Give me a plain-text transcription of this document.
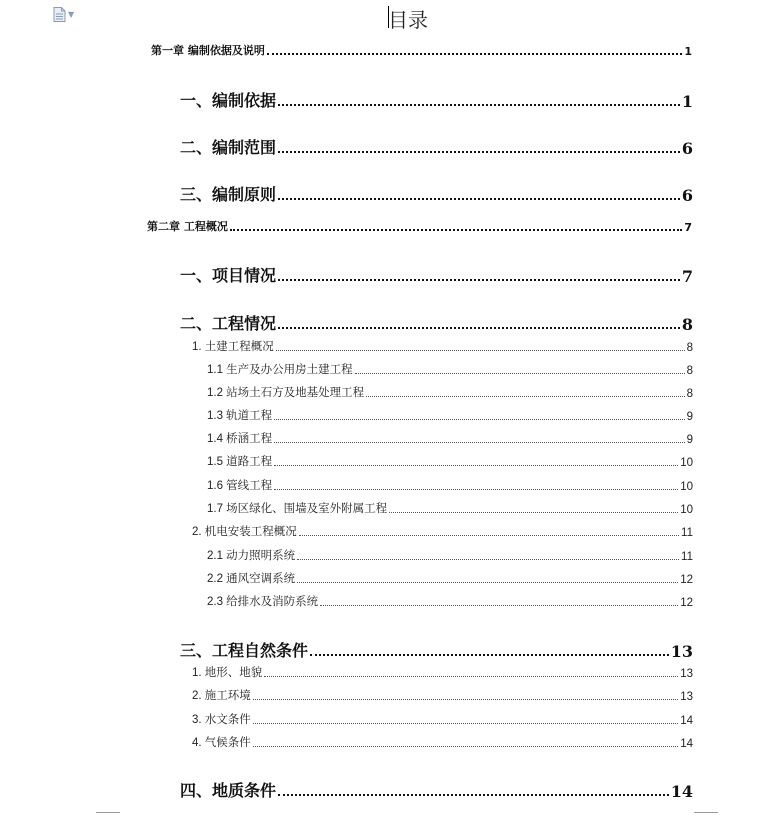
▼	目录
第一章 编制依据及说明	1
一、编制依据	1
二、编制范围	6
三、编制原则	6
第二章 工程概况	7
一、项目情况	7
二、工程情况	8
1. 土建工程概况	8
1.1 生产及办公用房土建工程	8
1.2 站场土石方及地基处理工程	8
1.3 轨道工程	9
1.4 桥涵工程	9
1.5 道路工程	10
1.6 管线工程	10
1.7 场区绿化、围墙及室外附属工程	10
2. 机电安装工程概况	11
2.1 动力照明系统	11
2.2 通风空调系统	12
2.3 给排水及消防系统	12
三、工程自然条件	13
1. 地形、地貌	13
2. 施工环境	13
3. 水文条件	14
4. 气候条件	14
四、地质条件	14
